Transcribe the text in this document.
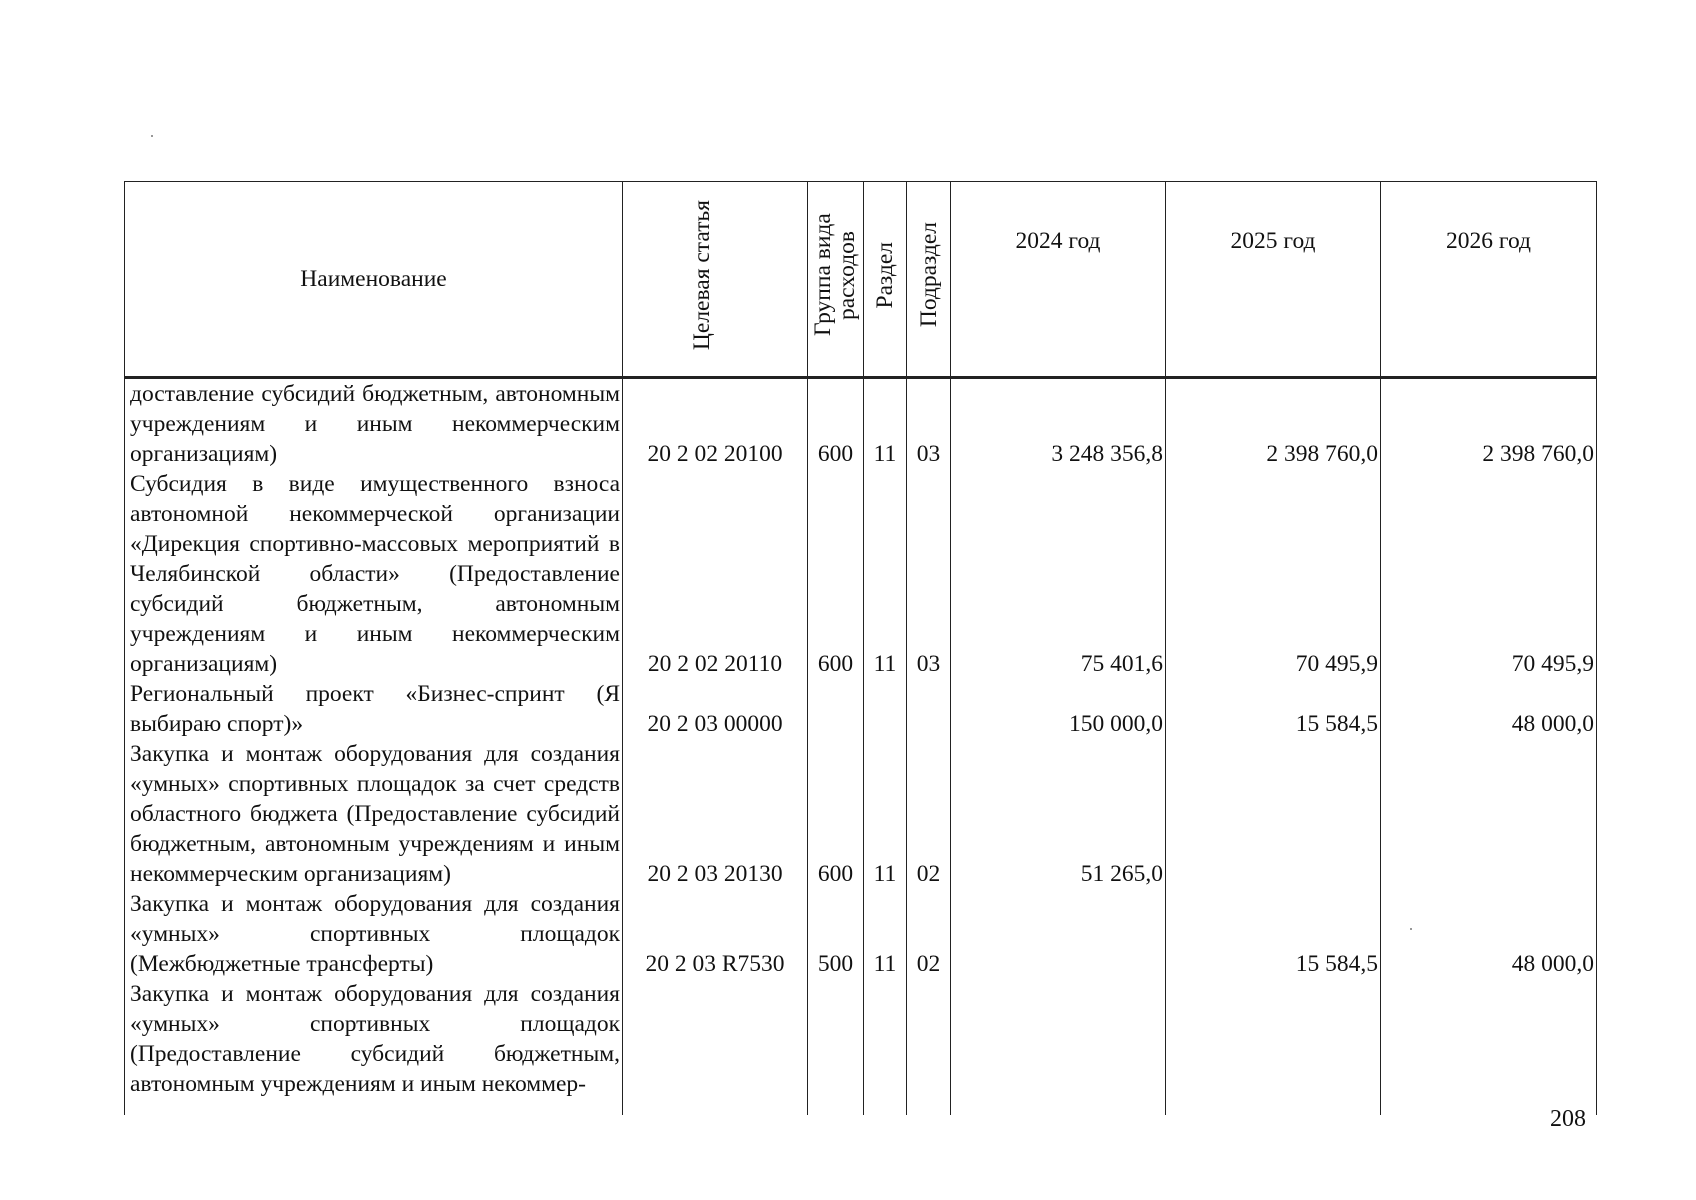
Наименование	Целевая статья	Группа вида расходов	Раздел	Подраздел	2024 год	2025 год	2026 год
доставление субсидий бюджетным, автономным учреждениям и иным некоммерческим организациям)	20 2 02 20100	600	11	03	3 248 356,8	2 398 760,0	2 398 760,0
Субсидия в виде имущественного взноса автономной некоммерческой организации «Дирекция спортивно-массовых мероприятий в Челябинской области» (Предоставление субсидий бюджетным, автономным учреждениям и иным некоммерческим организациям)	20 2 02 20110	600	11	03	75 401,6	70 495,9	70 495,9
Региональный проект «Бизнес-спринт (Я выбираю спорт)»	20 2 03 00000				150 000,0	15 584,5	48 000,0
Закупка и монтаж оборудования для создания «умных» спортивных площадок за счет средств областного бюджета (Предоставление субсидий бюджетным, автономным учреждениям и иным некоммерческим организациям)	20 2 03 20130	600	11	02	51 265,0		
Закупка и монтаж оборудования для создания «умных» спортивных площадок (Межбюджетные трансферты)	20 2 03 R7530	500	11	02		15 584,5	48 000,0
Закупка и монтаж оборудования для создания «умных» спортивных площадок (Предоставление субсидий бюджетным, автономным учреждениям и иным некоммер-							
208
